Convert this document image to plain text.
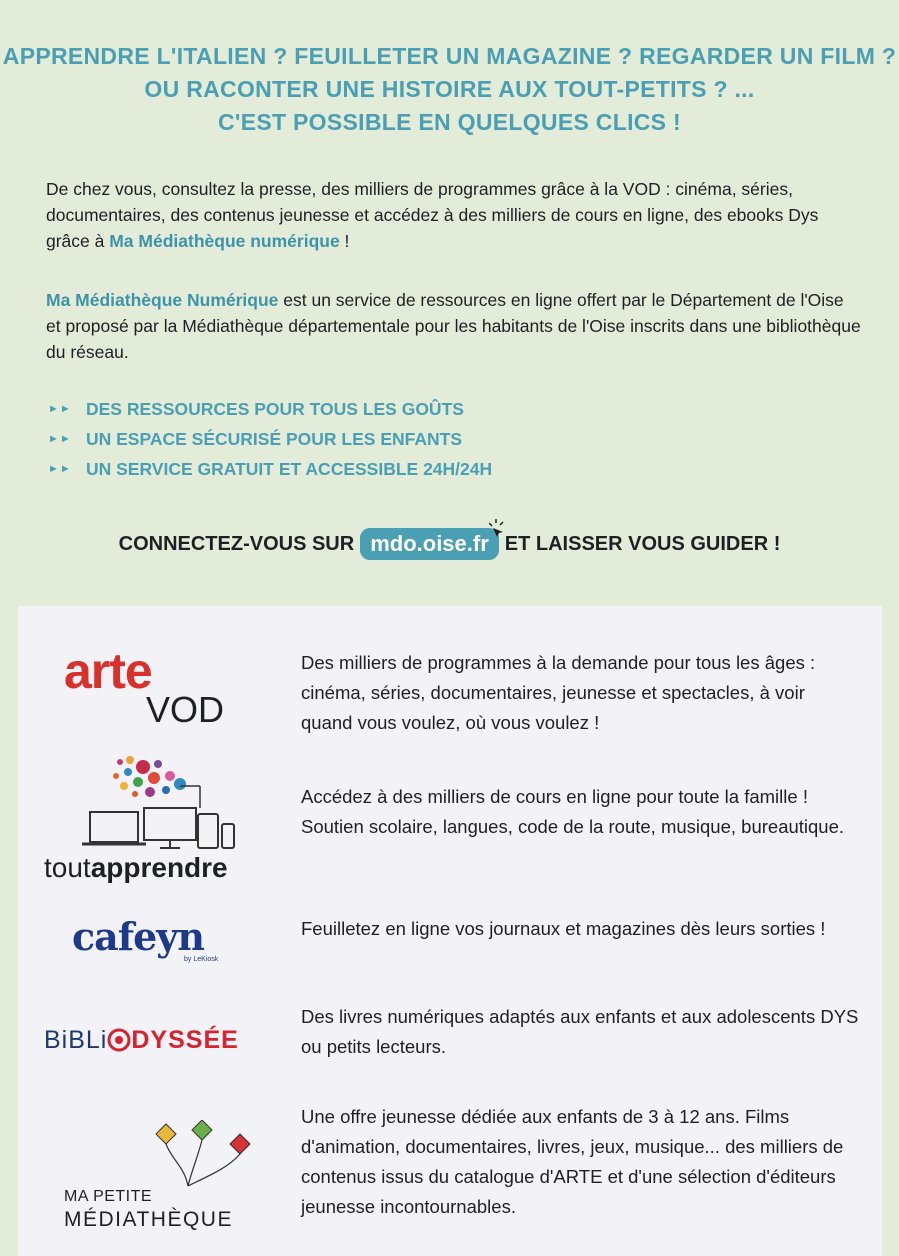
APPRENDRE L'ITALIEN ? FEUILLETER UN MAGAZINE ? REGARDER UN FILM ?
OU RACONTER UNE HISTOIRE AUX TOUT-PETITS ? ...
C'EST POSSIBLE EN QUELQUES CLICS !
De chez vous, consultez la presse, des milliers de programmes grâce à la VOD : cinéma, séries, documentaires, des contenus jeunesse et accédez à des milliers de cours en ligne, des ebooks Dys grâce à Ma Médiathèque numérique !
Ma Médiathèque Numérique est un service de ressources en ligne offert par le Département de l'Oise et proposé par la Médiathèque départementale pour les habitants de l'Oise inscrits dans une bibliothèque du réseau.
►► DES RESSOURCES POUR TOUS LES GOÛTS
►► UN ESPACE SÉCURISÉ POUR LES ENFANTS
►► UN SERVICE GRATUIT ET ACCESSIBLE 24H/24H
CONNECTEZ-VOUS SUR mdo.oise.fr ET LAISSER VOUS GUIDER !
arte
VOD
Des milliers de programmes à la demande pour tous les âges : cinéma, séries, documentaires, jeunesse et spectacles, à voir quand vous voulez, où vous voulez !
toutapprendre
Accédez à des milliers de cours en ligne pour toute la famille ! Soutien scolaire, langues, code de la route, musique, bureautique.
cafeyn
by LeKiosk
Feuilletez en ligne vos journaux et magazines dès leurs sorties !
BiBLi DYSSÉE
Des livres numériques adaptés aux enfants et aux adolescents DYS ou petits lecteurs.
MA PETITE
MÉDIATHÈQUE
Une offre jeunesse dédiée aux enfants de 3 à 12 ans. Films d'animation, documentaires, livres, jeux, musique... des milliers de contenus issus du catalogue d'ARTE et d'une sélection d'éditeurs jeunesse incontournables.
